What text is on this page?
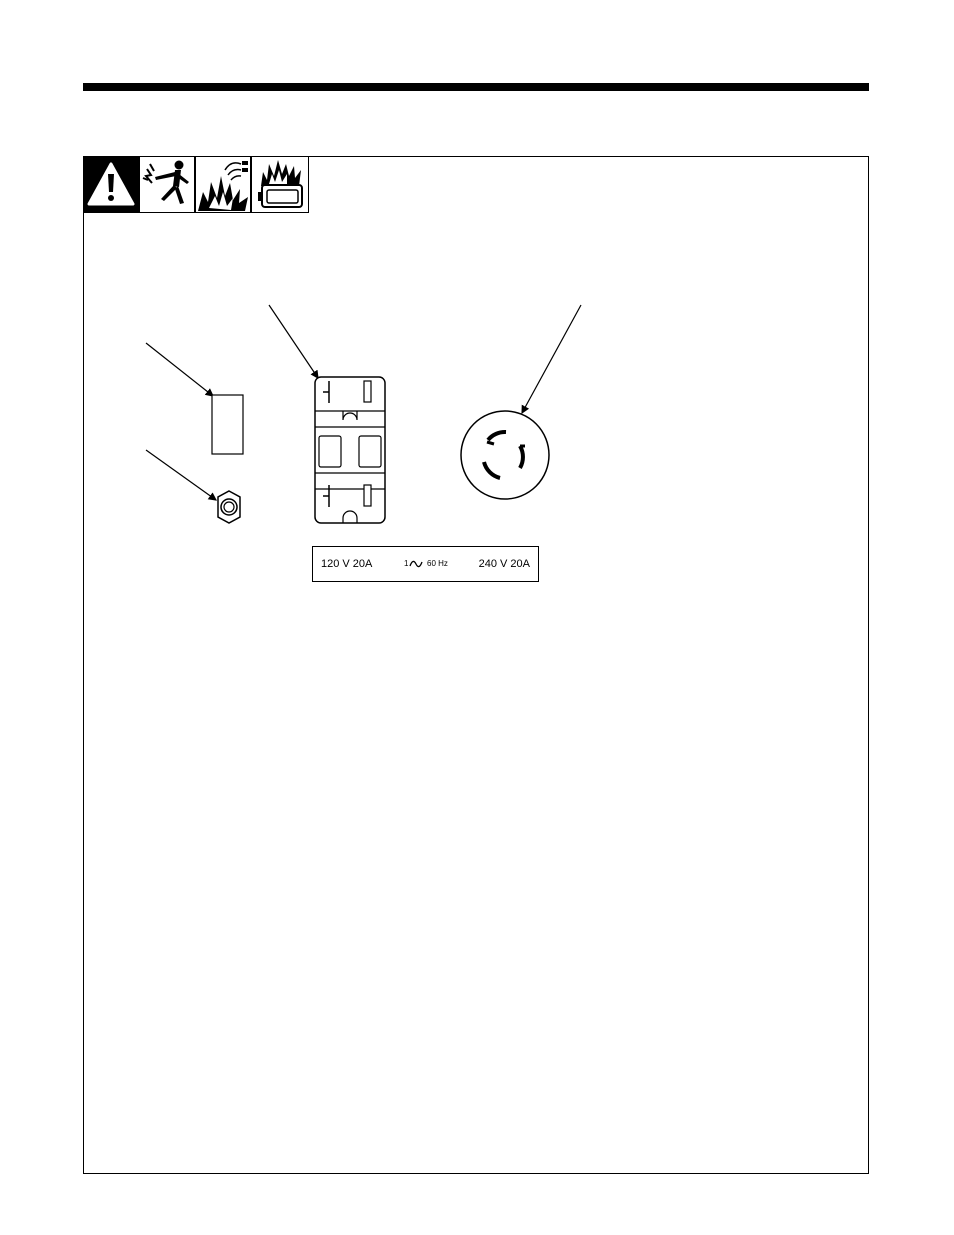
120 V 20A	1 60 Hz	240 V 20A
